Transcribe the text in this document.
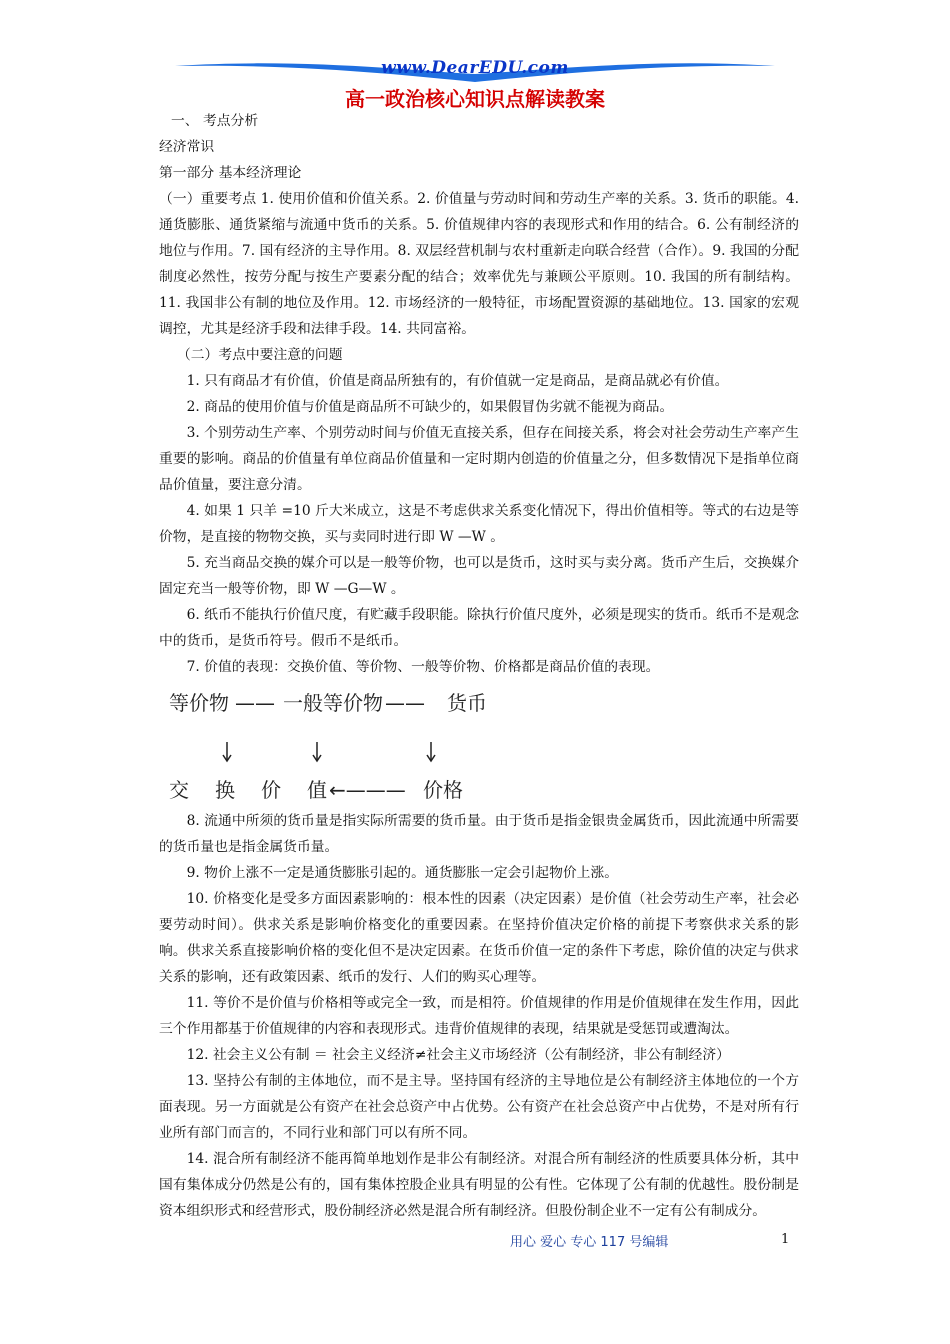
www.DearEDU.com
高一政治核心知识点解读教案

一、 考点分析

经济常识

第一部分 基本经济理论

（一）重要考点 1. 使用价值和价值关系。2. 价值量与劳动时间和劳动生产率的关系。3. 货币的职能。4. 通货膨胀、通货紧缩与流通中货币的关系。5. 价值规律内容的表现形式和作用的结合。6. 公有制经济的地位与作用。7. 国有经济的主导作用。8. 双层经营机制与农村重新走向联合经营（合作）。9. 我国的分配制度必然性，按劳分配与按生产要素分配的结合；效率优先与兼顾公平原则。10. 我国的所有制结构。11. 我国非公有制的地位及作用。12. 市场经济的一般特征，市场配置资源的基础地位。13. 国家的宏观调控，尤其是经济手段和法律手段。14. 共同富裕。

（二）考点中要注意的问题

1. 只有商品才有价值，价值是商品所独有的，有价值就一定是商品，是商品就必有价值。

2. 商品的使用价值与价值是商品所不可缺少的，如果假冒伪劣就不能视为商品。

3. 个别劳动生产率、个别劳动时间与价值无直接关系，但存在间接关系，将会对社会劳动生产率产生重要的影响。商品的价值量有单位商品价值量和一定时期内创造的价值量之分，但多数情况下是指单位商品价值量，要注意分清。

4. 如果 1 只羊 =10 斤大米成立，这是不考虑供求关系变化情况下，得出价值相等。等式的右边是等价物，是直接的物物交换，买与卖同时进行即 W —W 。

5. 充当商品交换的媒介可以是一般等价物，也可以是货币，这时买与卖分离。货币产生后，交换媒介固定充当一般等价物，即 W —G—W 。

6. 纸币不能执行价值尺度，有贮藏手段职能。除执行价值尺度外，必须是现实的货币。纸币不是观念中的货币，是货币符号。假币不是纸币。

7. 价值的表现：交换价值、等价物、一般等价物、价格都是商品价值的表现。

等价物 —— 一般等价物 —— 货币
交 换 价 值 ←——— 价格

8. 流通中所须的货币量是指实际所需要的货币量。由于货币是指金银贵金属货币，因此流通中所需要的货币量也是指金属货币量。

9. 物价上涨不一定是通货膨胀引起的。通货膨胀一定会引起物价上涨。

10. 价格变化是受多方面因素影响的：根本性的因素（决定因素）是价值（社会劳动生产率，社会必要劳动时间）。供求关系是影响价格变化的重要因素。在坚持价值决定价格的前提下考察供求关系的影响。供求关系直接影响价格的变化但不是决定因素。在货币价值一定的条件下考虑，除价值的决定与供求关系的影响，还有政策因素、纸币的发行、人们的购买心理等。

11. 等价不是价值与价格相等或完全一致，而是相符。价值规律的作用是价值规律在发生作用，因此三个作用都基于价值规律的内容和表现形式。违背价值规律的表现，结果就是受惩罚或遭淘汰。

12. 社会主义公有制 ＝ 社会主义经济≠社会主义市场经济（公有制经济，非公有制经济）

13. 坚持公有制的主体地位，而不是主导。坚持国有经济的主导地位是公有制经济主体地位的一个方面表现。另一方面就是公有资产在社会总资产中占优势。公有资产在社会总资产中占优势，不是对所有行业所有部门而言的，不同行业和部门可以有所不同。

14. 混合所有制经济不能再简单地划作是非公有制经济。对混合所有制经济的性质要具体分析，其中国有集体成分仍然是公有的，国有集体控股企业具有明显的公有性。它体现了公有制的优越性。股份制是资本组织形式和经营形式，股份制经济必然是混合所有制经济。但股份制企业不一定有公有制成分。

用心 爱心 专心 117 号编辑	1
